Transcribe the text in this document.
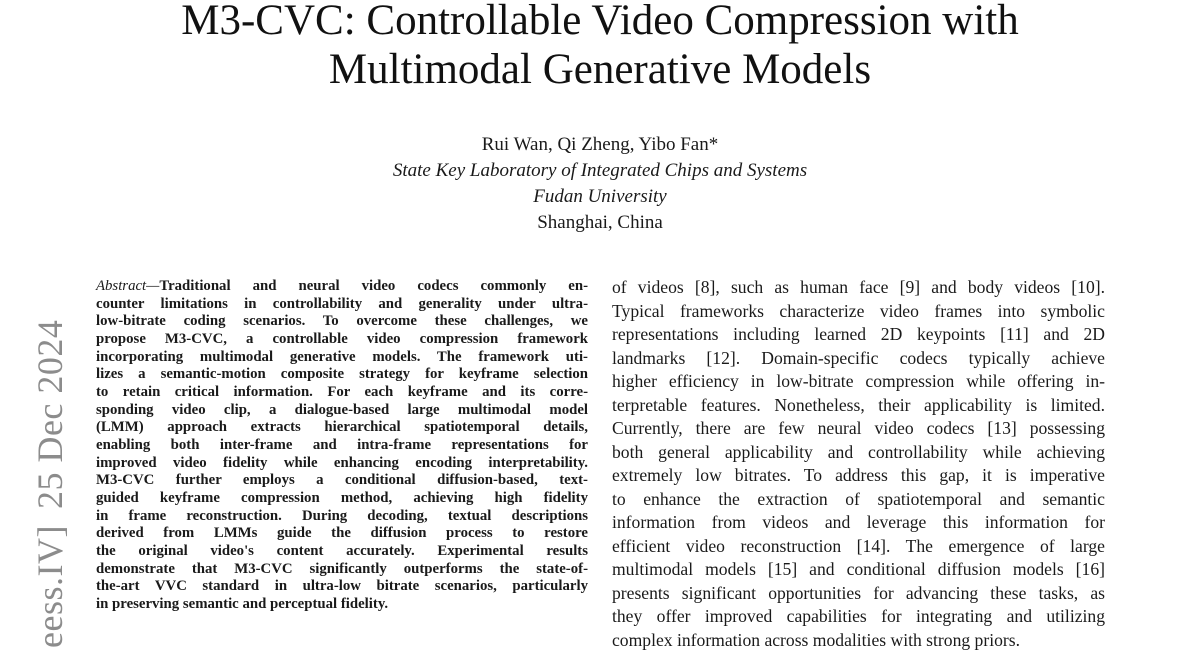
M3-CVC: Controllable Video Compression with
Multimodal Generative Models
Rui Wan, Qi Zheng, Yibo Fan*
State Key Laboratory of Integrated Chips and Systems
Fudan University
Shanghai, China
eess.IV]25 Dec 2024
Abstract—Traditional and neural video codecs commonly en-
counter limitations in controllability and generality under ultra-
low-bitrate coding scenarios. To overcome these challenges, we
propose M3-CVC, a controllable video compression framework
incorporating multimodal generative models. The framework uti-
lizes a semantic-motion composite strategy for keyframe selection
to retain critical information. For each keyframe and its corre-
sponding video clip, a dialogue-based large multimodal model
(LMM) approach extracts hierarchical spatiotemporal details,
enabling both inter-frame and intra-frame representations for
improved video fidelity while enhancing encoding interpretability.
M3-CVC further employs a conditional diffusion-based, text-
guided keyframe compression method, achieving high fidelity
in frame reconstruction. During decoding, textual descriptions
derived from LMMs guide the diffusion process to restore
the original video's content accurately. Experimental results
demonstrate that M3-CVC significantly outperforms the state-of-
the-art VVC standard in ultra-low bitrate scenarios, particularly
in preserving semantic and perceptual fidelity.
of videos [8], such as human face [9] and body videos [10].
Typical frameworks characterize video frames into symbolic
representations including learned 2D keypoints [11] and 2D
landmarks [12]. Domain-specific codecs typically achieve
higher efficiency in low-bitrate compression while offering in-
terpretable features. Nonetheless, their applicability is limited.
Currently, there are few neural video codecs [13] possessing
both general applicability and controllability while achieving
extremely low bitrates. To address this gap, it is imperative
to enhance the extraction of spatiotemporal and semantic
information from videos and leverage this information for
efficient video reconstruction [14]. The emergence of large
multimodal models [15] and conditional diffusion models [16]
presents significant opportunities for advancing these tasks, as
they offer improved capabilities for integrating and utilizing
complex information across modalities with strong priors.
